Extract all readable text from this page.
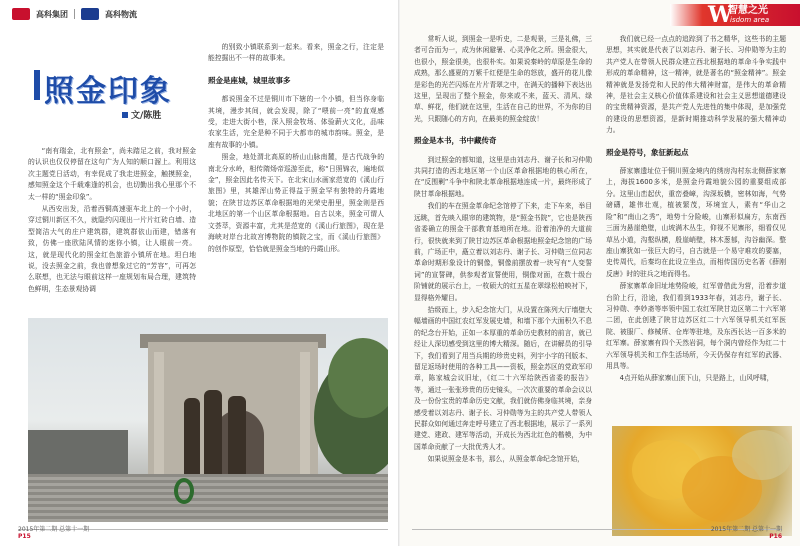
高科集团	高科物流
照金印象
文/陈胜

“南有瑞金，北有照金”，尚未踏足之前，我对照金的认识也仅仅停留在这句广为人知的顺口溜上。利用这次主题党日活动，有幸促成了我走进照金，触摸照金，感知照金这个千载难逢的机会，也切勤出我心里那个不太一样的“照金印象”。

从西安出发，沿着西铜高速驱车北上的一个小时，穿过铜川新区不久，就隐约闪现出一片片红砖白墙、造型简洁大气的庄户建筑群，建筑群依山而建，错落有致，仿佛一座欧陆风情的迷你小镇，让人眼前一亮。这，就是现代化的照金红色旅游小镇所在地。坦白地说，没去照金之前，我也曾想象过它的“芳容”，可再怎么联想，也无法与眼前这样一座规划布局合理，建筑特色鲜明，生态景观协调

的别致小镇联系到一起来。看来，照金之行，注定是能控掘出不一样的故事来。

照金是座城，城里故事多

都说照金不过是铜川市下辖的一个小镇，但当你身临其境，漫步其间，就会发现，除了“喂前一亮”的直观感受，走进大街小巷，深入照金牧场、体验薪火文化，品味农家生活，完全是种不同于大都市的城市韵味。照金，是座有故事的小镇。

照金，地处渭北高原的桥山山脉南麓，是古代战争的南北分水岭，相传隋炀帝巡游至此，称“日照锦衣，遍地似金”，照金因此名传天下。在北宋山水画家范宽的《溪山行旅图》里，其雄浑山势正得益于照金罕有独特的丹霞地貌；在陕甘边苏区革命根据地的光荣史册里，照金则是西北地区的第一个山区革命根据地。自古以来，照金可谓人文荟萃，资源丰富，尤其是范宽的《溪山行旅图》，现在是海峡对岸台北故宫博物院的镇院之宝，而《溪山行旅图》的创作原型，恰恰就是照金当地的丹霞山形。

2015年第二期 总第十一期
P15
W
智慧之光
isdom area

常听人说，到照金一是听史，二是观景，三是礼佛，三者可合而为一，成为休闲避暑、心灵净化之所。照金很大，也很小，照金很美，也很朴实。如果说秦岭的草原是生命的成熟，那么盛夏的万紫千红便是生命的怒放，盛开的花儿像是彩色的光芒闪烁在片片青翠之中，在满天的播种下表达出这里，呈现出了整个照金，你来或不来，蓝天、清风、绿草、鲜花，他们就在这里，生活在自己的世界，不为你的目光，只跟随心的方向，在最美的照金绽放！

照金是本书，书中藏传奇

到过照金的都知道，这里是由刘志丹、谢子长和习仲勋共同打造的西北地区第一个山区革命根据地的核心所在，在“反围剿”斗争中和陕北革命根据地连成一片，最终形成了陕甘革命根据地。

我们的车在照金革命纪念馆停了下来，走下车来，举目远眺，首先映入眼帘的建筑物，是“照金书院”，它也是陕西省委确立的照金干部教育基地所在地。沿着油净的大道前行，很快就来到了陕甘边苏区革命根据地照金纪念馆的广场前，广场正中，矗立着以刘志丹、谢子长、习仲勋三位同志革命时期形象设计的铜像，铜像前摆放着一块写有“人变誓词”的宣誓碑，供参观者宣誓使用，铜像对面，在数十级台阶铺就的展示台上，一枚硕大的红五星在翠绿松柏映衬下，显得格外耀目。

拾级而上，步入纪念馆大门，从设置在陈列大厅墙壁大幅墙画的中国红农红军发展史墙，和墙下那个大面积久不息的纪念台开始，正如一本厚重的革命历史教材的前言，就已经让人深切感受到这里的博大精深。随后，在讲解员的引导下，我们看到了用当兵期的珍贵史料，列宇小字的刊版本、留足返场时使用的各种工具——资板，照金苏区的党政军印章，陈家城会议旧址，《红二十六军给陕西省委的报告》等，通过一张张珍贵的历史镜头，一次次重要的革命会议以及一份份宝贵的革命历史文献，我们就仿佛身临其境，亲身感受着以刘志丹、谢子长、习仲勋等为主的共产党人带领人民群众如何通过奔走呼号建立了西北根据地，展示了一系列建党、建政、建军等活动，开成长为西北红色的楷模，为中国革命贡献了一大批优秀人才。

如果说照金是本书，那么，从照金革命纪念馆开始，

我们就已经一点点的追踪到了书之精华，这些书的主题思想，其实就是代表了以刘志丹、谢子长、习仲勋等为主的共产党人在带领人民群众建立西北根据地的革命斗争实践中形成的革命精神，这一精神，就是著名的“照金精神”。照金精神就是发扬党和人民的伟大精神财富，是伟大的革命精神，是社会主义核心价值体系建设和社会主义思想道德建设的宝贵精神资源，是共产党人先进性的集中体现，是加强党的建设的思想资源，是新时期推动科学发展的强大精神动力。

照金是符号，象征新起点

薛家寨遗址位于铜川照金境内的绣房沟村东北侧薛家寨上，海拔1600多米，是照金丹霞地貌公园的重要组成部分。这里山峦起伏，重峦叠嶂，沟深坂横，密林如海，气势磅礴，雄伟壮观，植被繁茂，环境宜人，素有“华山之险”和“南山之秀”，地势十分险峻，山寨形似扁方，东南西三面为悬崖绝壁，山坡满木丛生，仰视不见寨形，细看仅见草丛小道，沟壑纵横，殷崖峭壁，林木葱郁，沟谷幽深。整座山寨犹如一张巨大的弓，自古就是一个易守难攻的要塞，史传周代，后秦均在此设立坐点，而相传国历史名著《薛刚反唐》时的驻兵之地而得名。

薛家寨革命旧址地势险峻，红军曾借此为营，沿着步道台阶上行，沿途，我们看到1933年春，刘志丹，谢子长、习仲勋、李妙斋等率领中国工农红军陕甘边区第二十六军第二团，在此创建了陕甘边苏区红二十六军领导机关红军医院、被服厂、修械所、仓库等驻地，及东西长达一百多米的红军寨。薛家寨有四个天然岩洞，每个洞内曾经作为红二十六军领导机关和工作生活场所，今天仍保存有红军的武器、用具等。

4点开始从薛家寨山顶下山，只是路上，山风呼啸，

2015年第二期 总第十一期
P16
